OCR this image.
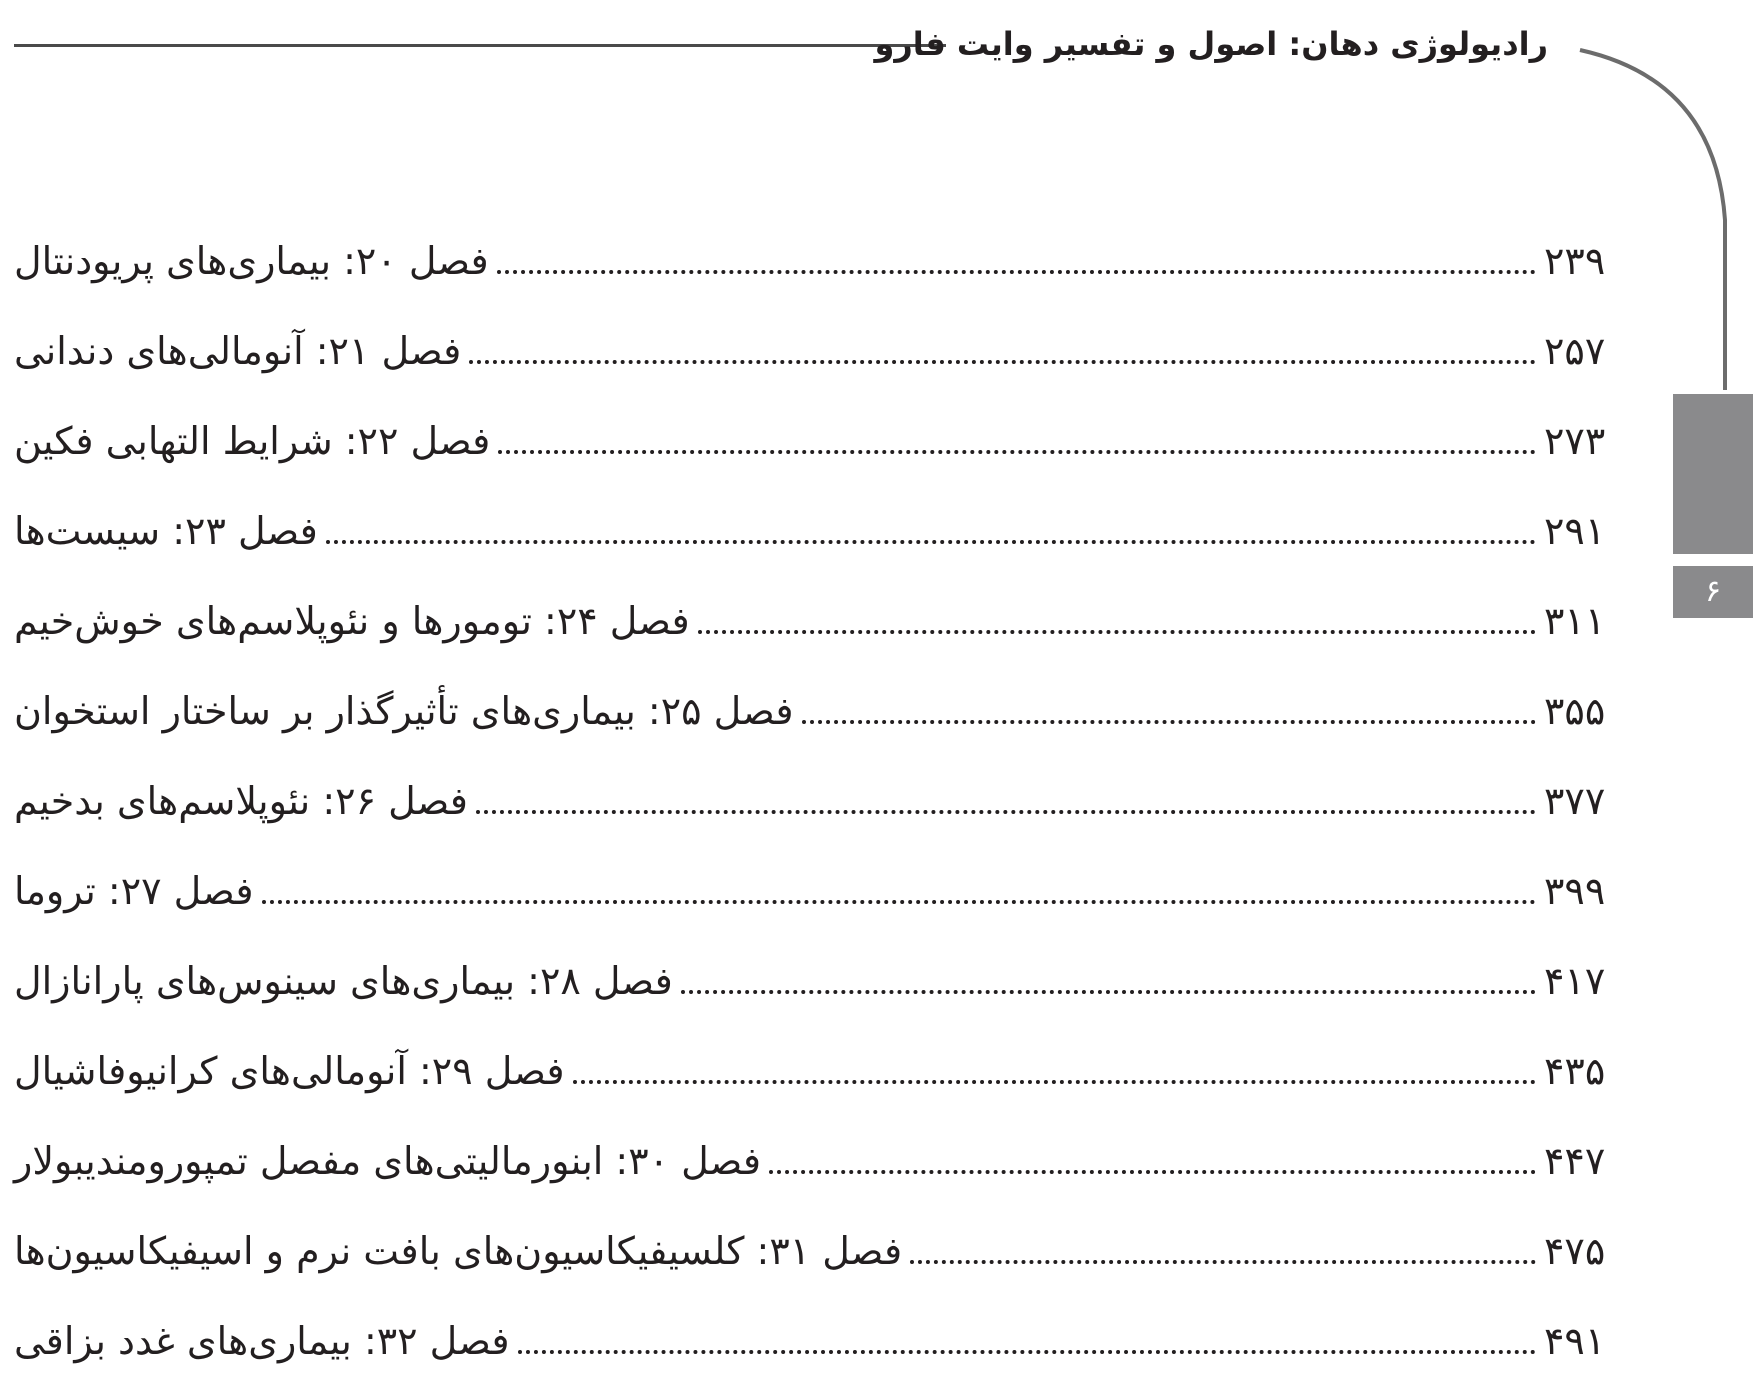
رادیولوژی دهان: اصول و تفسیر وایت فارو
۶
فصل ۲۰: بیماری‌های پریودنتال	۲۳۹
فصل ۲۱: آنومالی‌های دندانی	۲۵۷
فصل ۲۲: شرایط التهابی فکین	۲۷۳
فصل ۲۳: سیست‌ها	۲۹۱
فصل ۲۴: تومورها و نئوپلاسم‌های خوش‌خیم	۳۱۱
فصل ۲۵: بیماری‌های تأثیرگذار بر ساختار استخوان	۳۵۵
فصل ۲۶: نئوپلاسم‌های بدخیم	۳۷۷
فصل ۲۷: تروما	۳۹۹
فصل ۲۸: بیماری‌های سینوس‌های پارانازال	۴۱۷
فصل ۲۹: آنومالی‌های کرانیوفاشیال	۴۳۵
فصل ۳۰: ابنورمالیتی‌های مفصل تمپورومندیبولار	۴۴۷
فصل ۳۱: کلسیفیکاسیون‌های بافت نرم و اسیفیکاسیون‌ها	۴۷۵
فصل ۳۲: بیماری‌های غدد بزاقی	۴۹۱
